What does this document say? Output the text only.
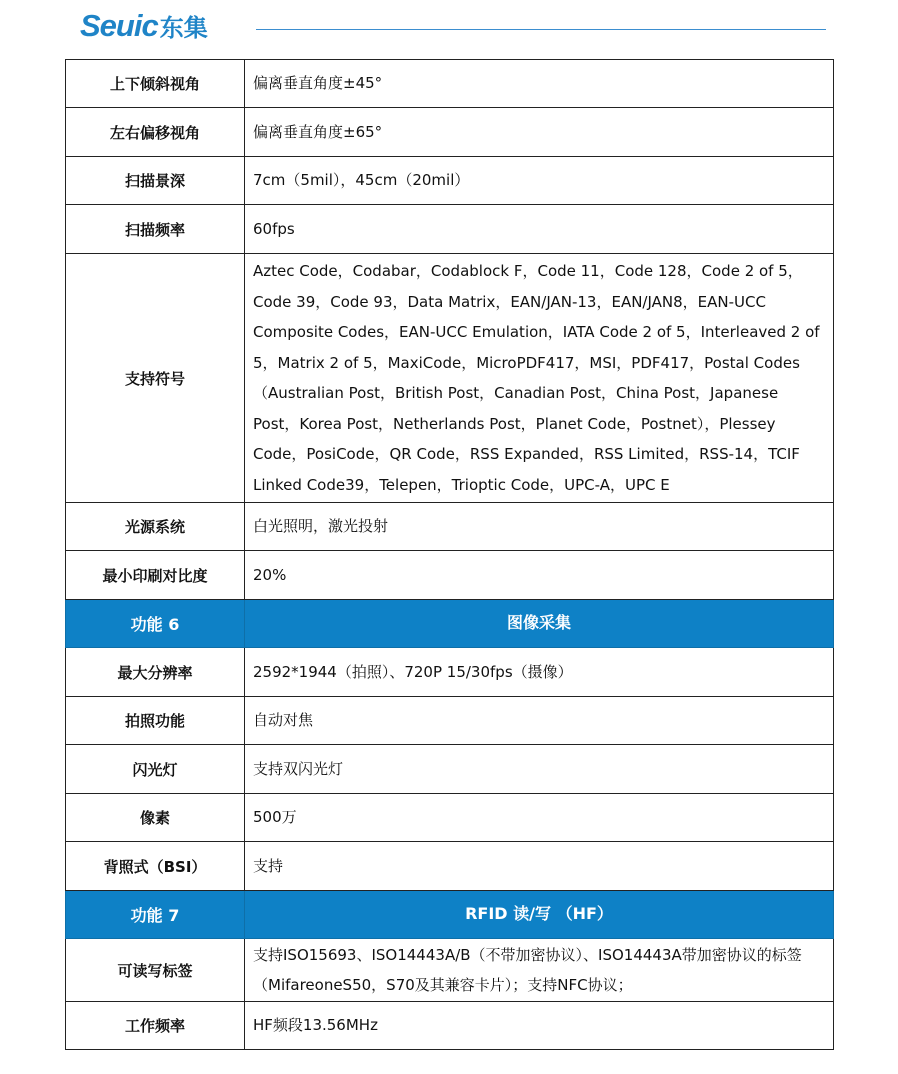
Seuic 东集
上下倾斜视角	偏离垂直角度±45°
左右偏移视角	偏离垂直角度±65°
扫描景深	7cm（5mil），45cm（20mil）
扫描频率	60fps
支持符号	Aztec Code，Codabar，Codablock F，Code 11，Code 128，Code 2 of 5，Code 39，Code 93，Data Matrix，EAN/JAN-13，EAN/JAN8，EAN-UCC Composite Codes，EAN-UCC Emulation，IATA Code 2 of 5，Interleaved 2 of 5，Matrix 2 of 5，MaxiCode，MicroPDF417，MSI，PDF417，Postal Codes（Australian Post，British Post，Canadian Post，China Post，Japanese Post，Korea Post，Netherlands Post，Planet Code，Postnet），Plessey Code，PosiCode，QR Code，RSS Expanded，RSS Limited，RSS-14，TCIF Linked Code39，Telepen，Trioptic Code，UPC-A，UPC E
光源系统	白光照明，激光投射
最小印刷对比度	20%
功能 6	图像采集
最大分辨率	2592*1944（拍照）、720P 15/30fps（摄像）
拍照功能	自动对焦
闪光灯	支持双闪光灯
像素	500万
背照式（BSI）	支持
功能 7	RFID 读/写 （HF）
可读写标签	支持ISO15693、ISO14443A/B（不带加密协议）、ISO14443A带加密协议的标签（MifareoneS50，S70及其兼容卡片）；支持NFC协议；
工作频率	HF频段13.56MHz
